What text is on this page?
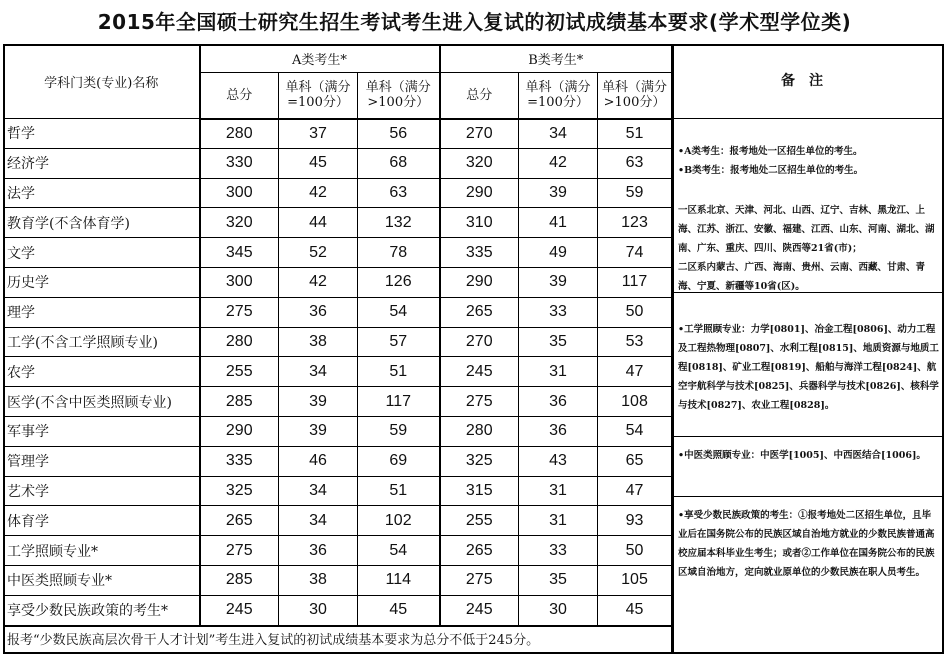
2015年全国硕士研究生招生考试考生进入复试的初试成绩基本要求(学术型学位类)
学科门类(专业)名称	A类考生*			B类考生*		
	总分	单科（满分=100分）	单科（满分>100分）	总分	单科（满分=100分）	单科（满分>100分）
哲学	280	37	56	270	34	51
经济学	330	45	68	320	42	63
法学	300	42	63	290	39	59
教育学(不含体育学)	320	44	132	310	41	123
文学	345	52	78	335	49	74
历史学	300	42	126	290	39	117
理学	275	36	54	265	33	50
工学(不含工学照顾专业)	280	38	57	270	35	53
农学	255	34	51	245	31	47
医学(不含中医类照顾专业)	285	39	117	275	36	108
军事学	290	39	59	280	36	54
管理学	335	46	69	325	43	65
艺术学	325	34	51	315	31	47
体育学	265	34	102	255	31	93
工学照顾专业*	275	36	54	265	33	50
中医类照顾专业*	285	38	114	275	35	105
享受少数民族政策的考生*	245	30	45	245	30	45
报考“少数民族高层次骨干人才计划”考生进入复试的初试成绩基本要求为总分不低于245分。
备注
•A类考生：报考地处一区招生单位的考生。
•B类考生：报考地处二区招生单位的考生。
一区系北京、天津、河北、山西、辽宁、吉林、黑龙江、上海、江苏、浙江、安徽、福建、江西、山东、河南、湖北、湖南、广东、重庆、四川、陕西等21省(市)；
二区系内蒙古、广西、海南、贵州、云南、西藏、甘肃、青海、宁夏、新疆等10省(区)。
•工学照顾专业：力学[0801]、冶金工程[0806]、动力工程及工程热物理[0807]、水利工程[0815]、地质资源与地质工程[0818]、矿业工程[0819]、船舶与海洋工程[0824]、航空宇航科学与技术[0825]、兵器科学与技术[0826]、核科学与技术[0827]、农业工程[0828]。
•中医类照顾专业：中医学[1005]、中西医结合[1006]。
•享受少数民族政策的考生：①报考地处二区招生单位，且毕业后在国务院公布的民族区域自治地方就业的少数民族普通高校应届本科毕业生考生；或者②工作单位在国务院公布的民族区域自治地方，定向就业原单位的少数民族在职人员考生。
